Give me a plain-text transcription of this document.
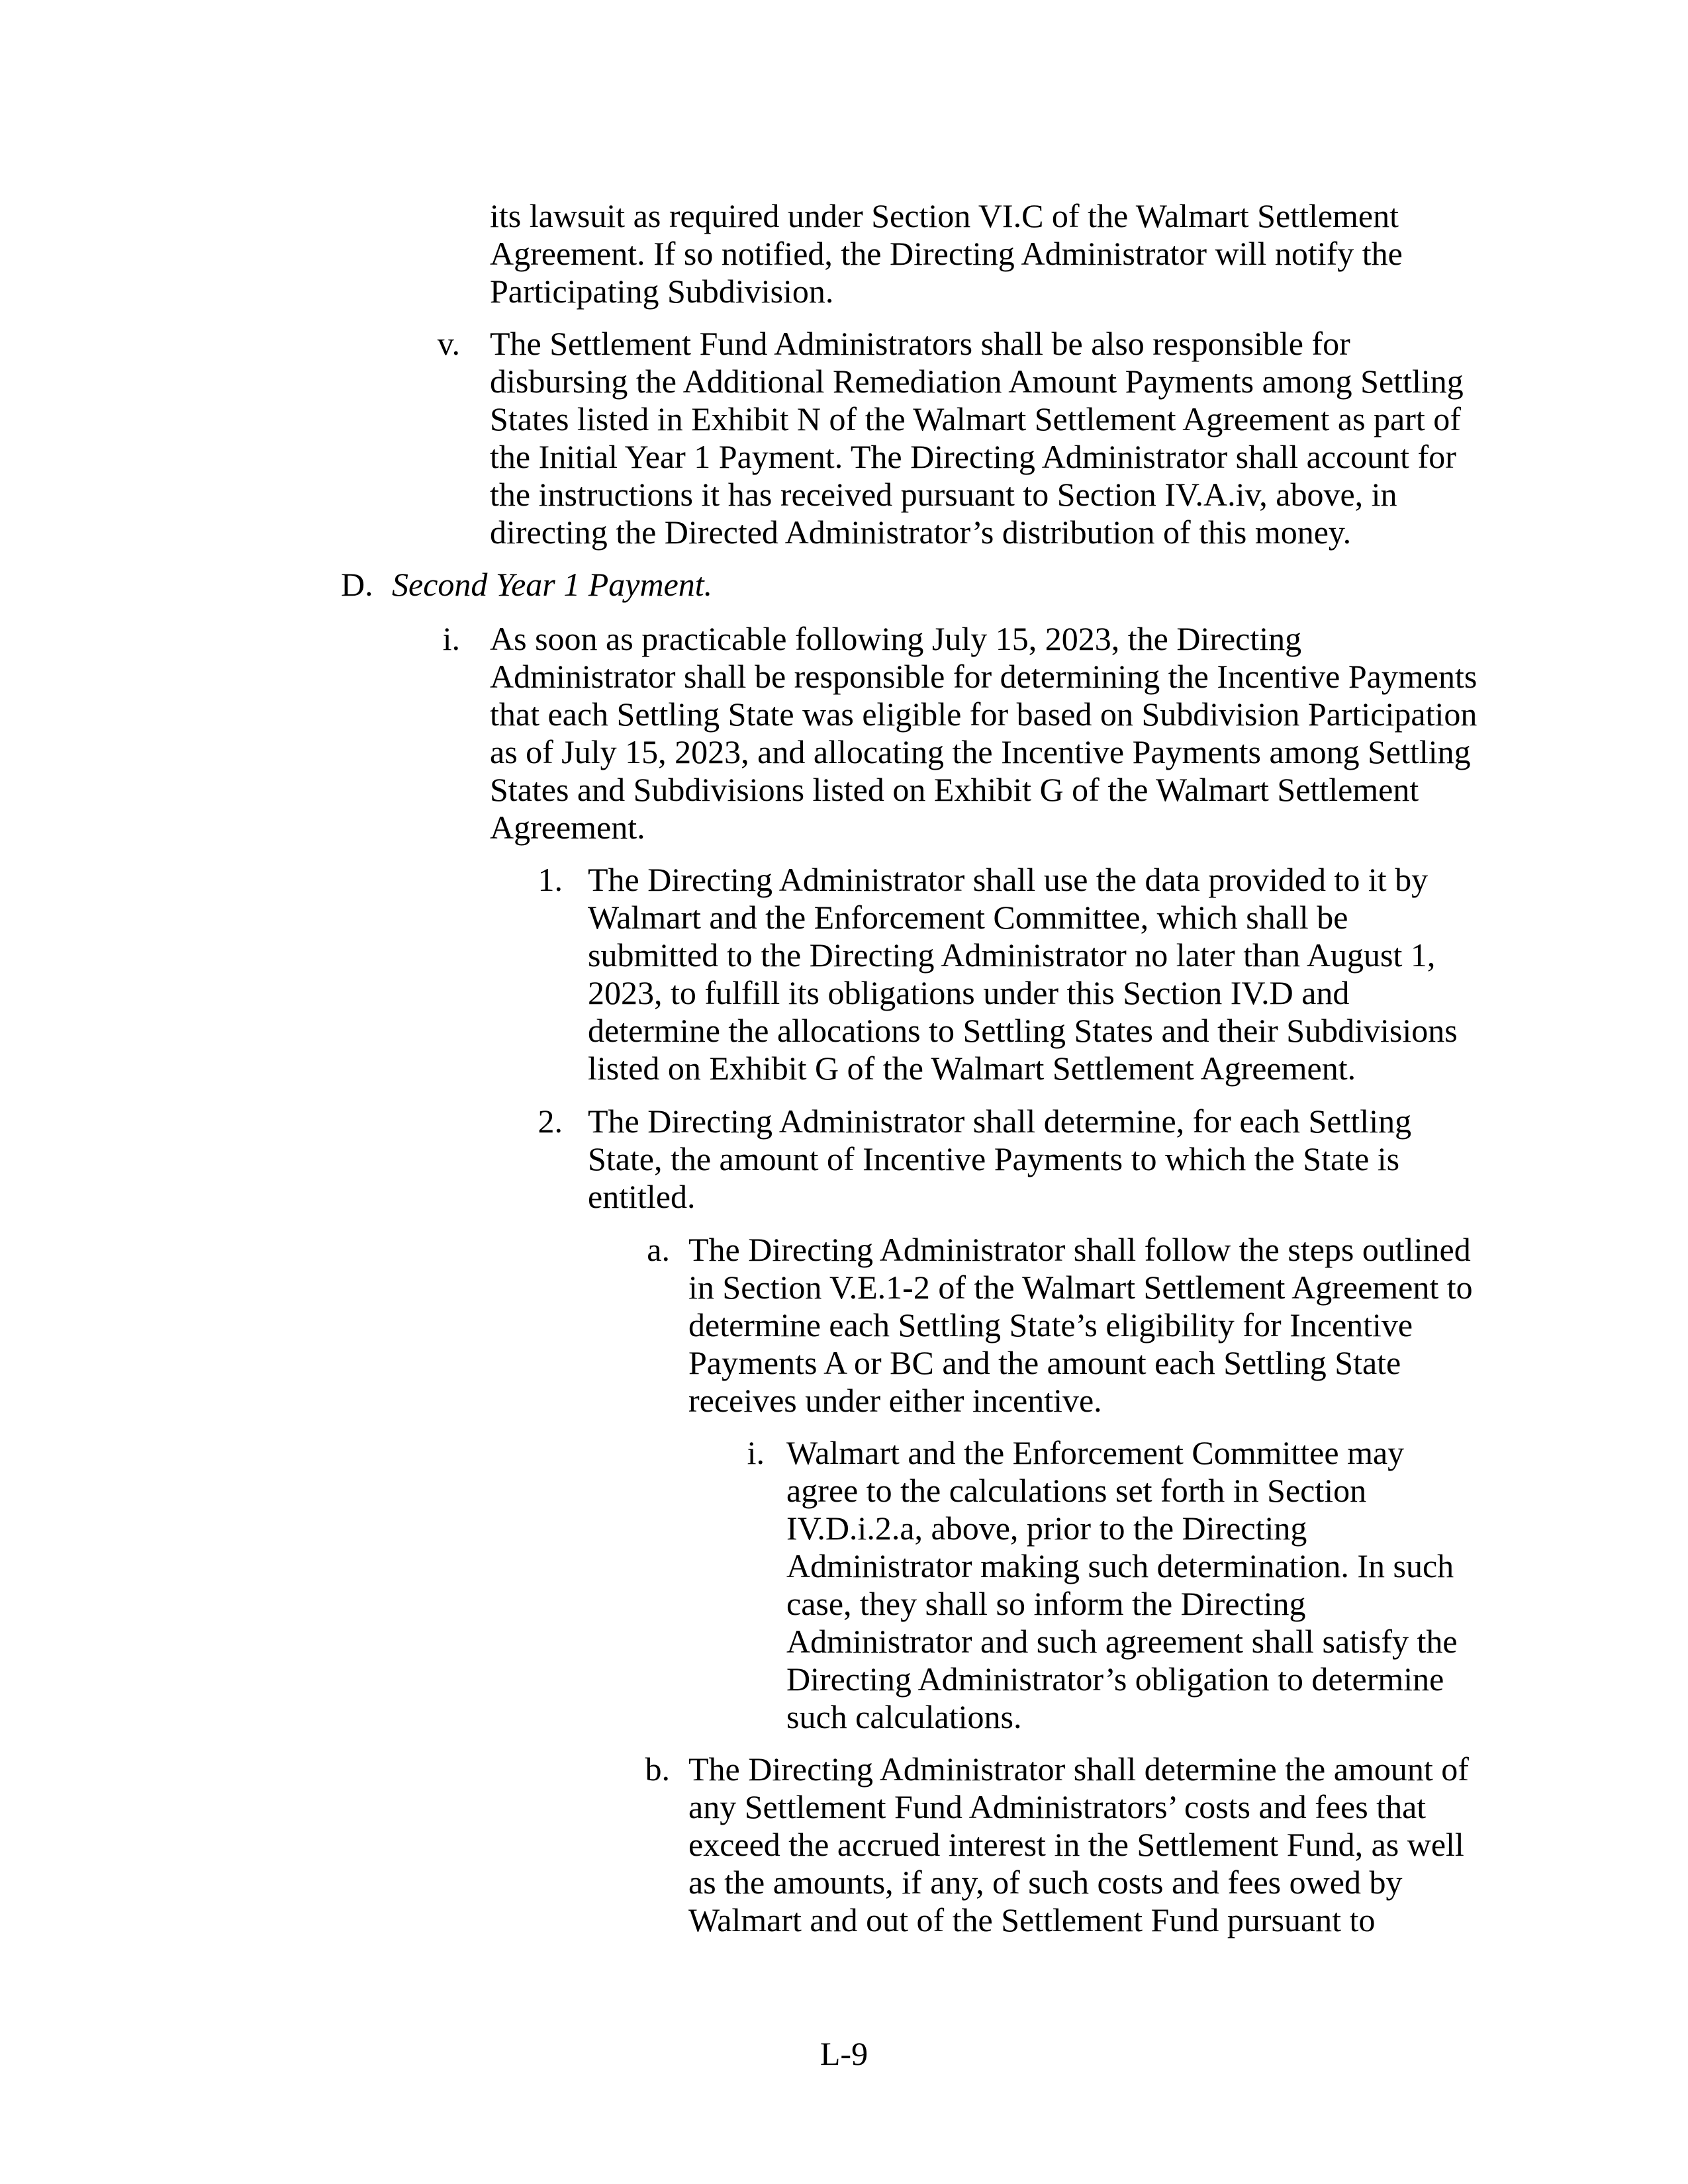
its lawsuit as required under Section VI.C of the Walmart Settlement Agreement. If so notified, the Directing Administrator will notify the Participating Subdivision.
v. The Settlement Fund Administrators shall be also responsible for disbursing the Additional Remediation Amount Payments among Settling States listed in Exhibit N of the Walmart Settlement Agreement as part of the Initial Year 1 Payment. The Directing Administrator shall account for the instructions it has received pursuant to Section IV.A.iv, above, in directing the Directed Administrator’s distribution of this money.
D. Second Year 1 Payment.
i. As soon as practicable following July 15, 2023, the Directing Administrator shall be responsible for determining the Incentive Payments that each Settling State was eligible for based on Subdivision Participation as of July 15, 2023, and allocating the Incentive Payments among Settling States and Subdivisions listed on Exhibit G of the Walmart Settlement Agreement.
1. The Directing Administrator shall use the data provided to it by Walmart and the Enforcement Committee, which shall be submitted to the Directing Administrator no later than August 1, 2023, to fulfill its obligations under this Section IV.D and determine the allocations to Settling States and their Subdivisions listed on Exhibit G of the Walmart Settlement Agreement.
2. The Directing Administrator shall determine, for each Settling State, the amount of Incentive Payments to which the State is entitled.
a. The Directing Administrator shall follow the steps outlined in Section V.E.1-2 of the Walmart Settlement Agreement to determine each Settling State’s eligibility for Incentive Payments A or BC and the amount each Settling State receives under either incentive.
i. Walmart and the Enforcement Committee may agree to the calculations set forth in Section IV.D.i.2.a, above, prior to the Directing Administrator making such determination. In such case, they shall so inform the Directing Administrator and such agreement shall satisfy the Directing Administrator’s obligation to determine such calculations.
b. The Directing Administrator shall determine the amount of any Settlement Fund Administrators’ costs and fees that exceed the accrued interest in the Settlement Fund, as well as the amounts, if any, of such costs and fees owed by Walmart and out of the Settlement Fund pursuant to
L-9
